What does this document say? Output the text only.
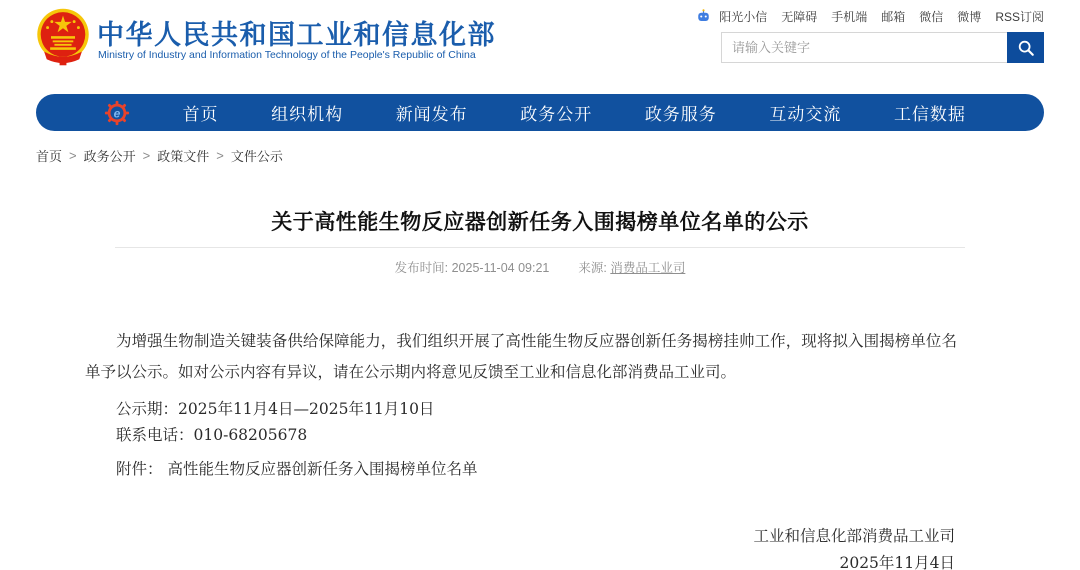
中华人民共和国工业和信息化部
Ministry of Industry and Information Technology of the People's Republic of China
阳光小信 无障碍 手机端 邮箱 微信 微博 RSS订阅
请输入关键字
e	首页	组织机构	新闻发布	政务公开	政务服务	互动交流	工信数据
首页 > 政务公开 > 政策文件 > 文件公示
关于高性能生物反应器创新任务入围揭榜单位名单的公示
发布时间: 2025-11-04 09:21 来源: 消费品工业司

为增强生物制造关键装备供给保障能力，我们组织开展了高性能生物反应器创新任务揭榜挂帅工作，现将拟入围揭榜单位名单予以公示。如对公示内容有异议，请在公示期内将意见反馈至工业和信息化部消费品工业司。

公示期：2025年11月4日—2025年11月10日
联系电话：010-68205678
附件： 高性能生物反应器创新任务入围揭榜单位名单
工业和信息化部消费品工业司
2025年11月4日
